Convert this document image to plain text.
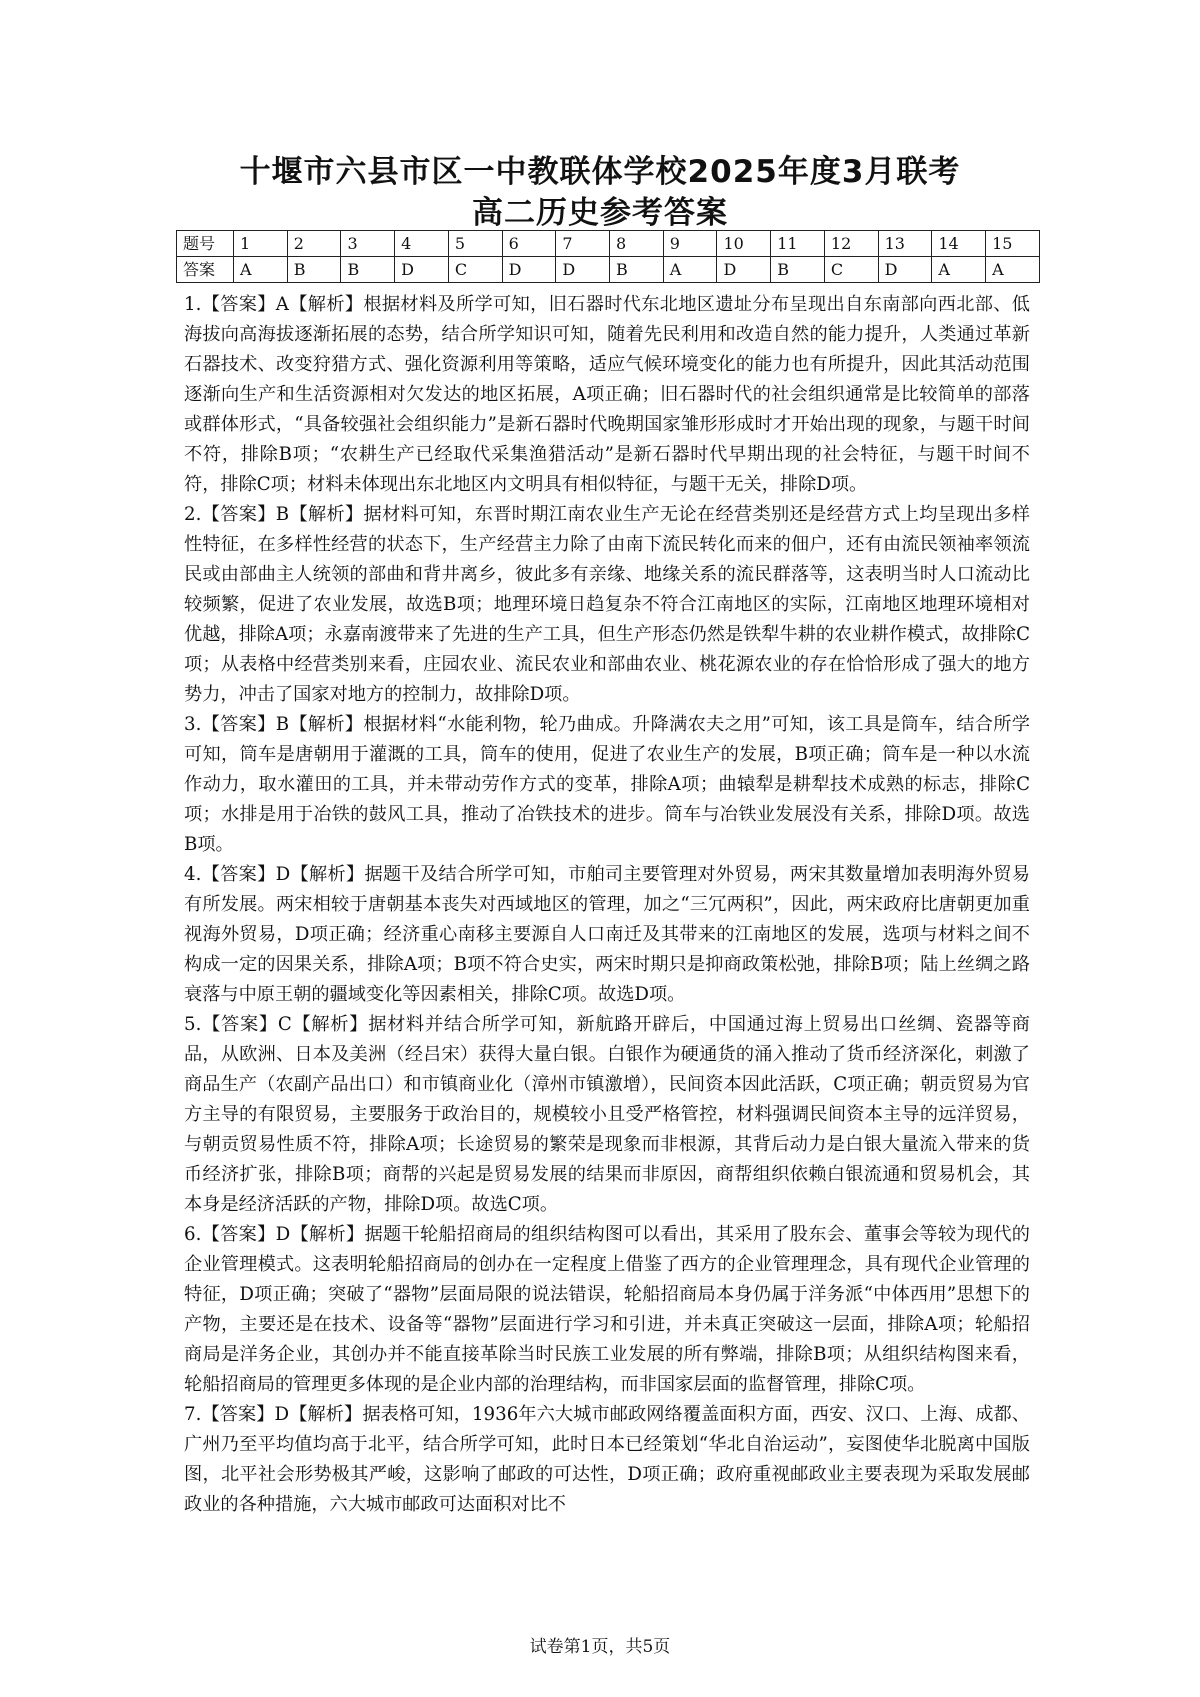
十堰市六县市区一中教联体学校2025年度3月联考
高二历史参考答案
题号	1	2	3	4	5	6	7	8	9	10	11	12	13	14	15
答案	A	B	B	D	C	D	D	B	A	D	B	C	D	A	A

1.【答案】A【解析】根据材料及所学可知，旧石器时代东北地区遗址分布呈现出自东南部向西北部、低海拔向高海拔逐渐拓展的态势，结合所学知识可知，随着先民利用和改造自然的能力提升，人类通过革新石器技术、改变狩猎方式、强化资源利用等策略，适应气候环境变化的能力也有所提升，因此其活动范围逐渐向生产和生活资源相对欠发达的地区拓展，A项正确；旧石器时代的社会组织通常是比较简单的部落或群体形式，“具备较强社会组织能力”是新石器时代晚期国家雏形形成时才开始出现的现象，与题干时间不符，排除B项；“农耕生产已经取代采集渔猎活动”是新石器时代早期出现的社会特征，与题干时间不符，排除C项；材料未体现出东北地区内文明具有相似特征，与题干无关，排除D项。

2.【答案】B【解析】据材料可知，东晋时期江南农业生产无论在经营类别还是经营方式上均呈现出多样性特征，在多样性经营的状态下，生产经营主力除了由南下流民转化而来的佃户，还有由流民领袖率领流民或由部曲主人统领的部曲和背井离乡，彼此多有亲缘、地缘关系的流民群落等，这表明当时人口流动比较频繁，促进了农业发展，故选B项；地理环境日趋复杂不符合江南地区的实际，江南地区地理环境相对优越，排除A项；永嘉南渡带来了先进的生产工具，但生产形态仍然是铁犁牛耕的农业耕作模式，故排除C项；从表格中经营类别来看，庄园农业、流民农业和部曲农业、桃花源农业的存在恰恰形成了强大的地方势力，冲击了国家对地方的控制力，故排除D项。

3.【答案】B【解析】根据材料“水能利物，轮乃曲成。升降满农夫之用”可知，该工具是筒车，结合所学可知，筒车是唐朝用于灌溉的工具，筒车的使用，促进了农业生产的发展，B项正确；筒车是一种以水流作动力，取水灌田的工具，并未带动劳作方式的变革，排除A项；曲辕犁是耕犁技术成熟的标志，排除C项；水排是用于冶铁的鼓风工具，推动了冶铁技术的进步。筒车与冶铁业发展没有关系，排除D项。故选B项。

4.【答案】D【解析】据题干及结合所学可知，市舶司主要管理对外贸易，两宋其数量增加表明海外贸易有所发展。两宋相较于唐朝基本丧失对西域地区的管理，加之“三冗两积”，因此，两宋政府比唐朝更加重视海外贸易，D项正确；经济重心南移主要源自人口南迁及其带来的江南地区的发展，选项与材料之间不构成一定的因果关系，排除A项；B项不符合史实，两宋时期只是抑商政策松弛，排除B项；陆上丝绸之路衰落与中原王朝的疆域变化等因素相关，排除C项。故选D项。

5.【答案】C【解析】据材料并结合所学可知，新航路开辟后，中国通过海上贸易出口丝绸、瓷器等商品，从欧洲、日本及美洲（经吕宋）获得大量白银。白银作为硬通货的涌入推动了货币经济深化，刺激了商品生产（农副产品出口）和市镇商业化（漳州市镇激增），民间资本因此活跃，C项正确；朝贡贸易为官方主导的有限贸易，主要服务于政治目的，规模较小且受严格管控，材料强调民间资本主导的远洋贸易，与朝贡贸易性质不符，排除A项；长途贸易的繁荣是现象而非根源，其背后动力是白银大量流入带来的货币经济扩张，排除B项；商帮的兴起是贸易发展的结果而非原因，商帮组织依赖白银流通和贸易机会，其本身是经济活跃的产物，排除D项。故选C项。

6.【答案】D【解析】据题干轮船招商局的组织结构图可以看出，其采用了股东会、董事会等较为现代的企业管理模式。这表明轮船招商局的创办在一定程度上借鉴了西方的企业管理理念，具有现代企业管理的特征，D项正确；突破了“器物”层面局限的说法错误，轮船招商局本身仍属于洋务派“中体西用”思想下的产物，主要还是在技术、设备等“器物”层面进行学习和引进，并未真正突破这一层面，排除A项；轮船招商局是洋务企业，其创办并不能直接革除当时民族工业发展的所有弊端，排除B项；从组织结构图来看，轮船招商局的管理更多体现的是企业内部的治理结构，而非国家层面的监督管理，排除C项。

7.【答案】D【解析】据表格可知，1936年六大城市邮政网络覆盖面积方面，西安、汉口、上海、成都、广州乃至平均值均高于北平，结合所学可知，此时日本已经策划“华北自治运动”，妄图使华北脱离中国版图，北平社会形势极其严峻，这影响了邮政的可达性，D项正确；政府重视邮政业主要表现为采取发展邮政业的各种措施，六大城市邮政可达面积对比不

试卷第1页，共5页
